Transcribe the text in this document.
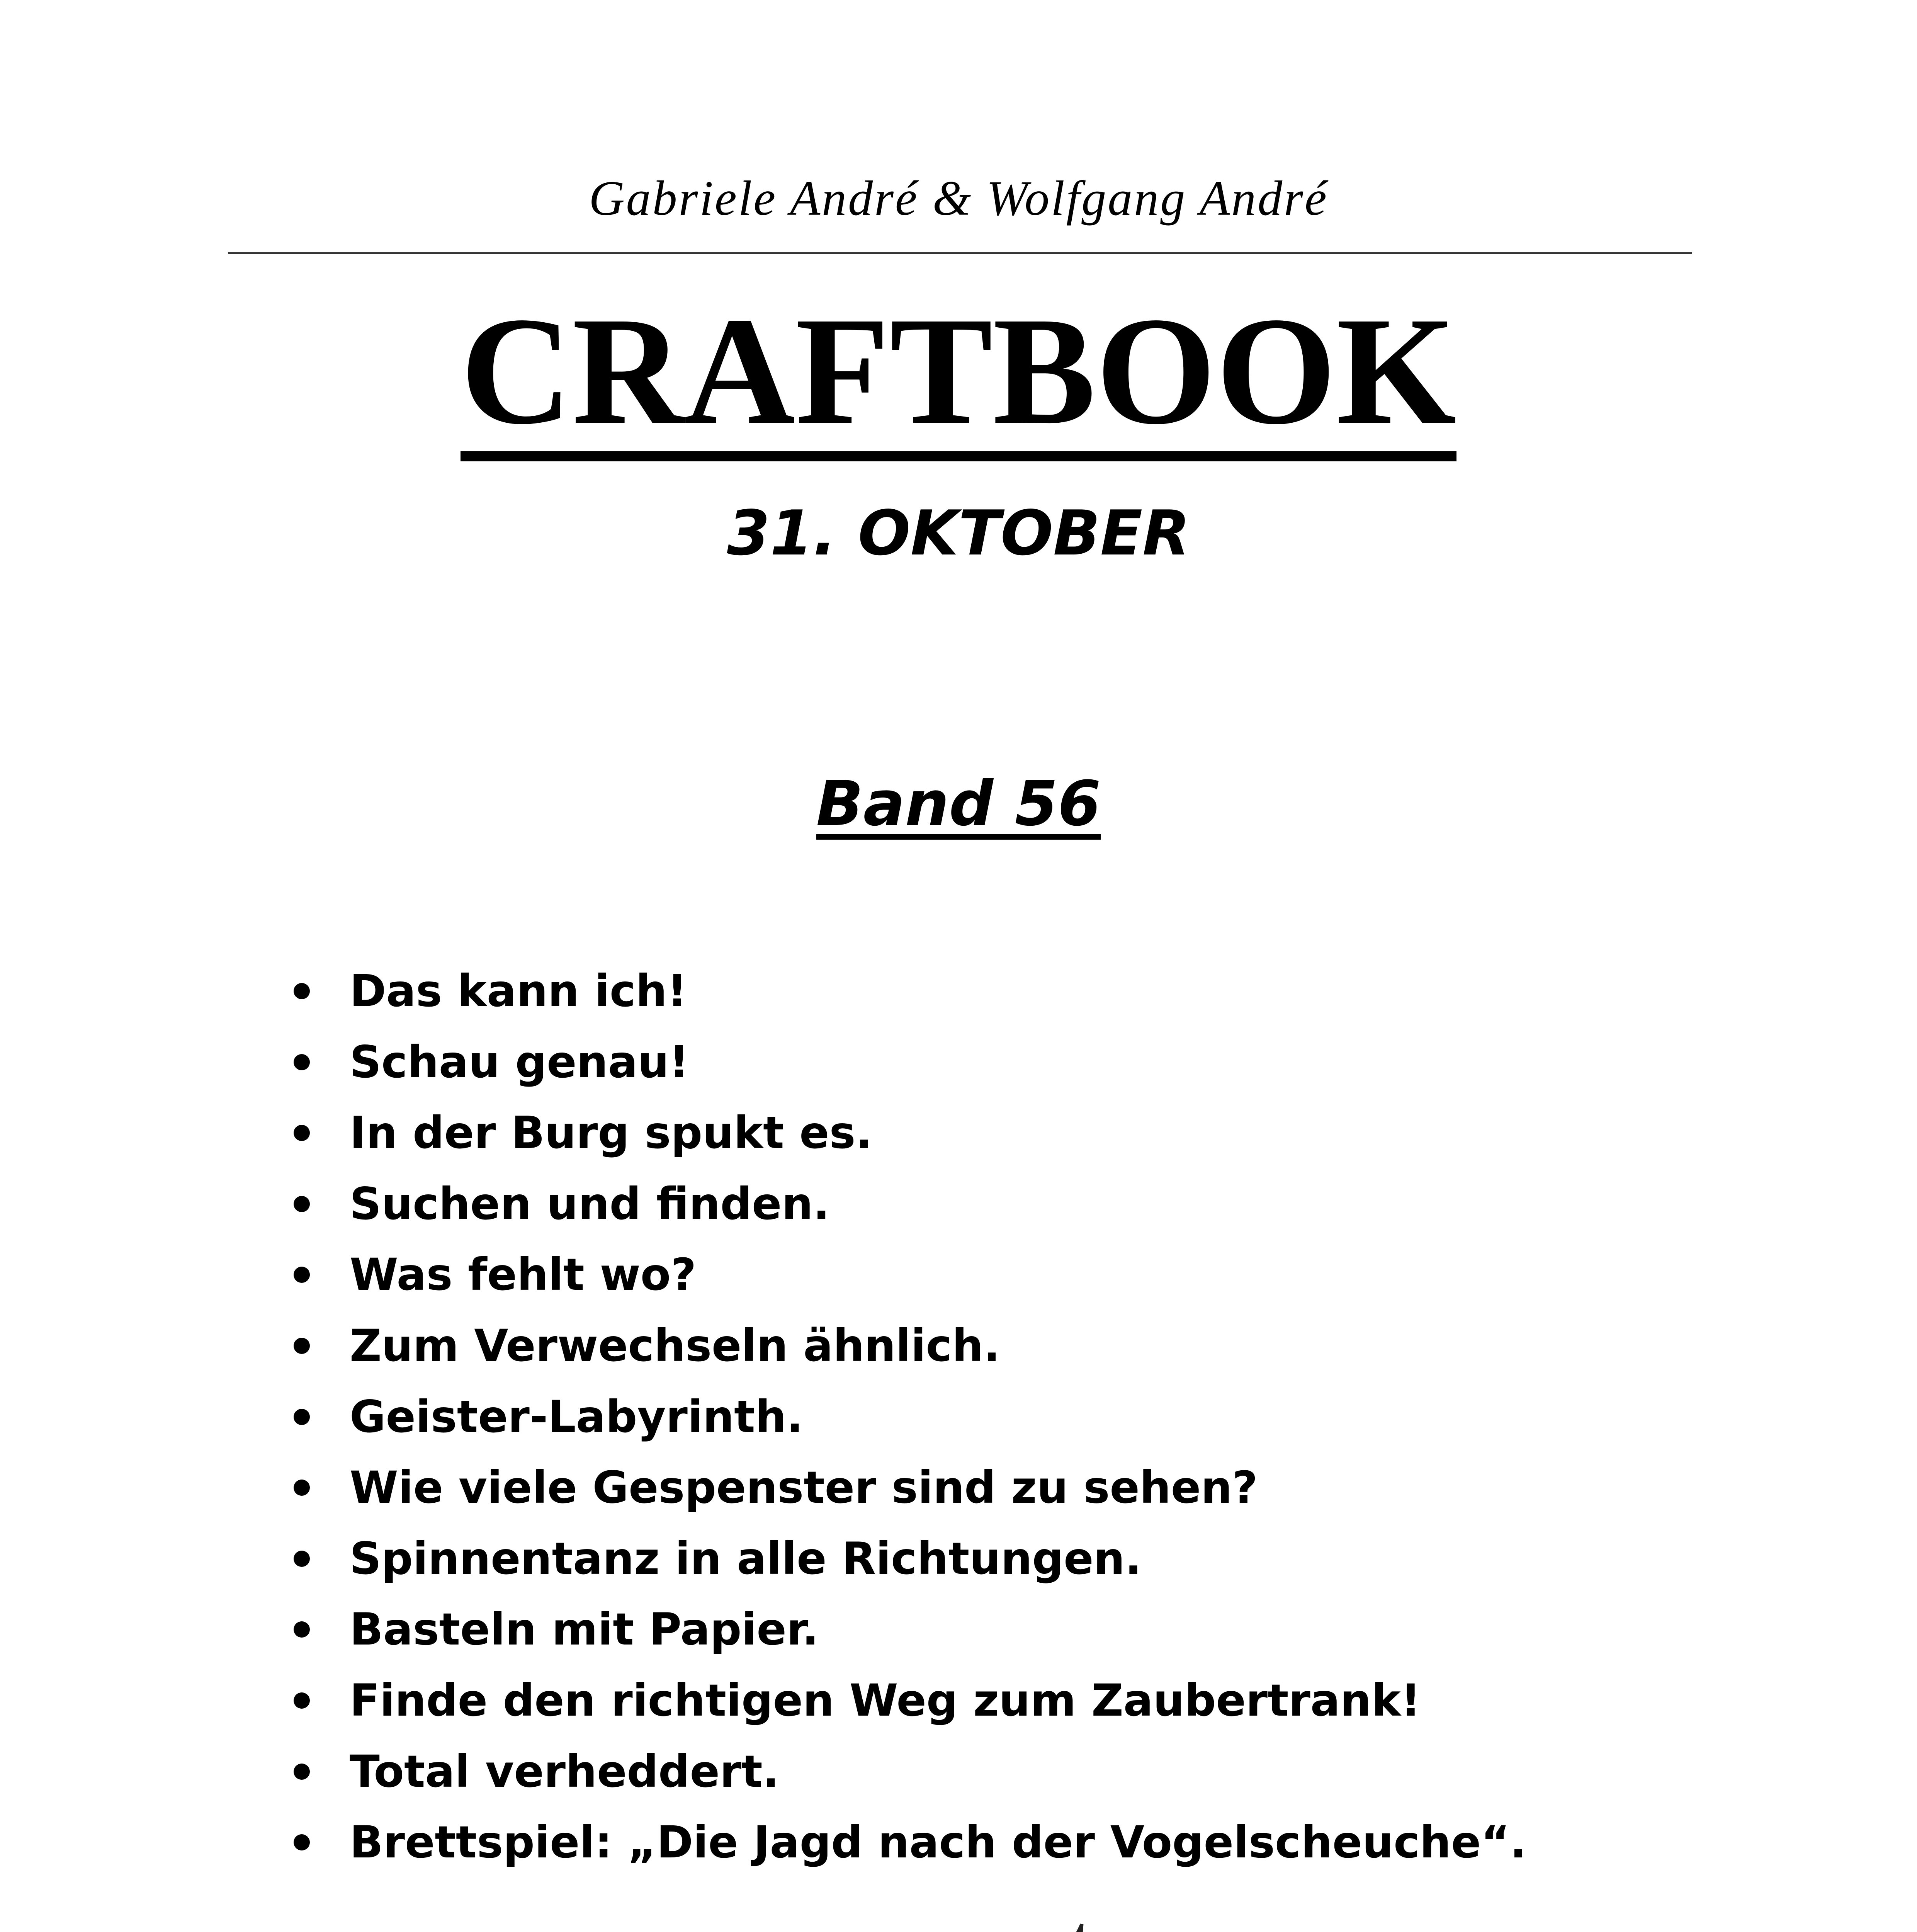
Gabriele André & Wolfgang André
CRAFTBOOK
31. OKTOBER
Band 56
Das kann ich!
Schau genau!
In der Burg spukt es.
Suchen und finden.
Was fehlt wo?
Zum Verwechseln ähnlich.
Geister-Labyrinth.
Wie viele Gespenster sind zu sehen?
Spinnentanz in alle Richtungen.
Basteln mit Papier.
Finde den richtigen Weg zum Zaubertrank!
Total verheddert.
Brettspiel: „Die Jagd nach der Vogelscheuche“.
